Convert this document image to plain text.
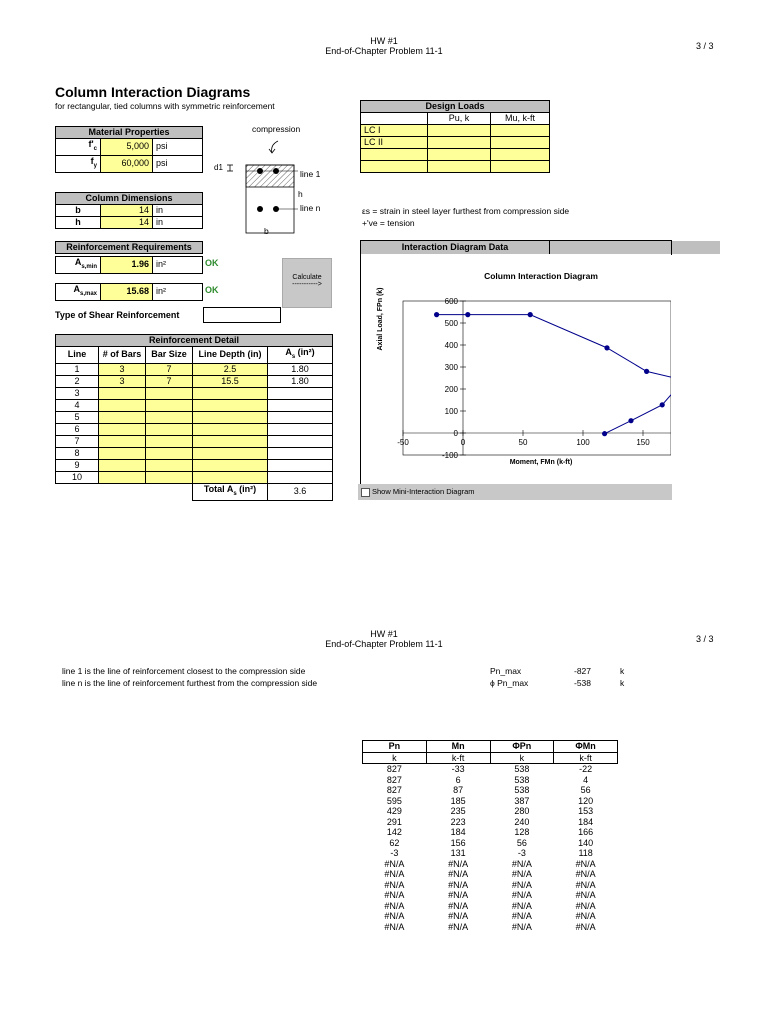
HW #1
End-of-Chapter Problem 11-1	3 / 3
Column Interaction Diagrams
for rectangular, tied columns with symmetric reinforcement
Material Properties		
$f'_c$	5,000	psi
$f_y$	60,000	psi
Column Dimensions		
b	14	in
h	14	in
Reinforcement Requirements
$A_{s,min}$	1.96	in²	OK
$A_{s,max}$	15.68	in²	OK
Calculate
----------->
Type of Shear Reinforcement
Reinforcement Detail				
Line	# of Bars	Bar Size	Line Depth (in)	$A_s$ (in²)
1	3	7	2.5	1.80
2	3	7	15.5	1.80
3				
4				
5				
6				
7				
8				
9				
10				
			Total $A_s$ (in²)	3.6
compression
d1
line 1
h
line n
b
Design Loads		
	Pu, k	Mu, k-ft
LC I		
LC II		

εs = strain in steel layer furthest from compression side
+'ve = tension
Interaction Diagram Data
Column Interaction Diagram
-100
0
100
200
300
400
500
600
-50	0	50	100	150
Moment, FMn (k-ft)
Axial Load, FPn (k)
Show Mini-Interaction Diagram
HW #1
End-of-Chapter Problem 11-1	3 / 3
line 1 is the line of reinforcement closest to the compression side
line n is the line of reinforcement furthest from the compression side
Pn_max	-827	k
ϕ Pn_max	-538	k
Pn	Mn	ΦPn	ΦMn
k	k-ft	k	k-ft
827	-33	538	-22
827	6	538	4
827	87	538	56
595	185	387	120
429	235	280	153
291	223	240	184
142	184	128	166
62	156	56	140
-3	131	-3	118
#N/A	#N/A	#N/A	#N/A
#N/A	#N/A	#N/A	#N/A
#N/A	#N/A	#N/A	#N/A
#N/A	#N/A	#N/A	#N/A
#N/A	#N/A	#N/A	#N/A
#N/A	#N/A	#N/A	#N/A
#N/A	#N/A	#N/A	#N/A
